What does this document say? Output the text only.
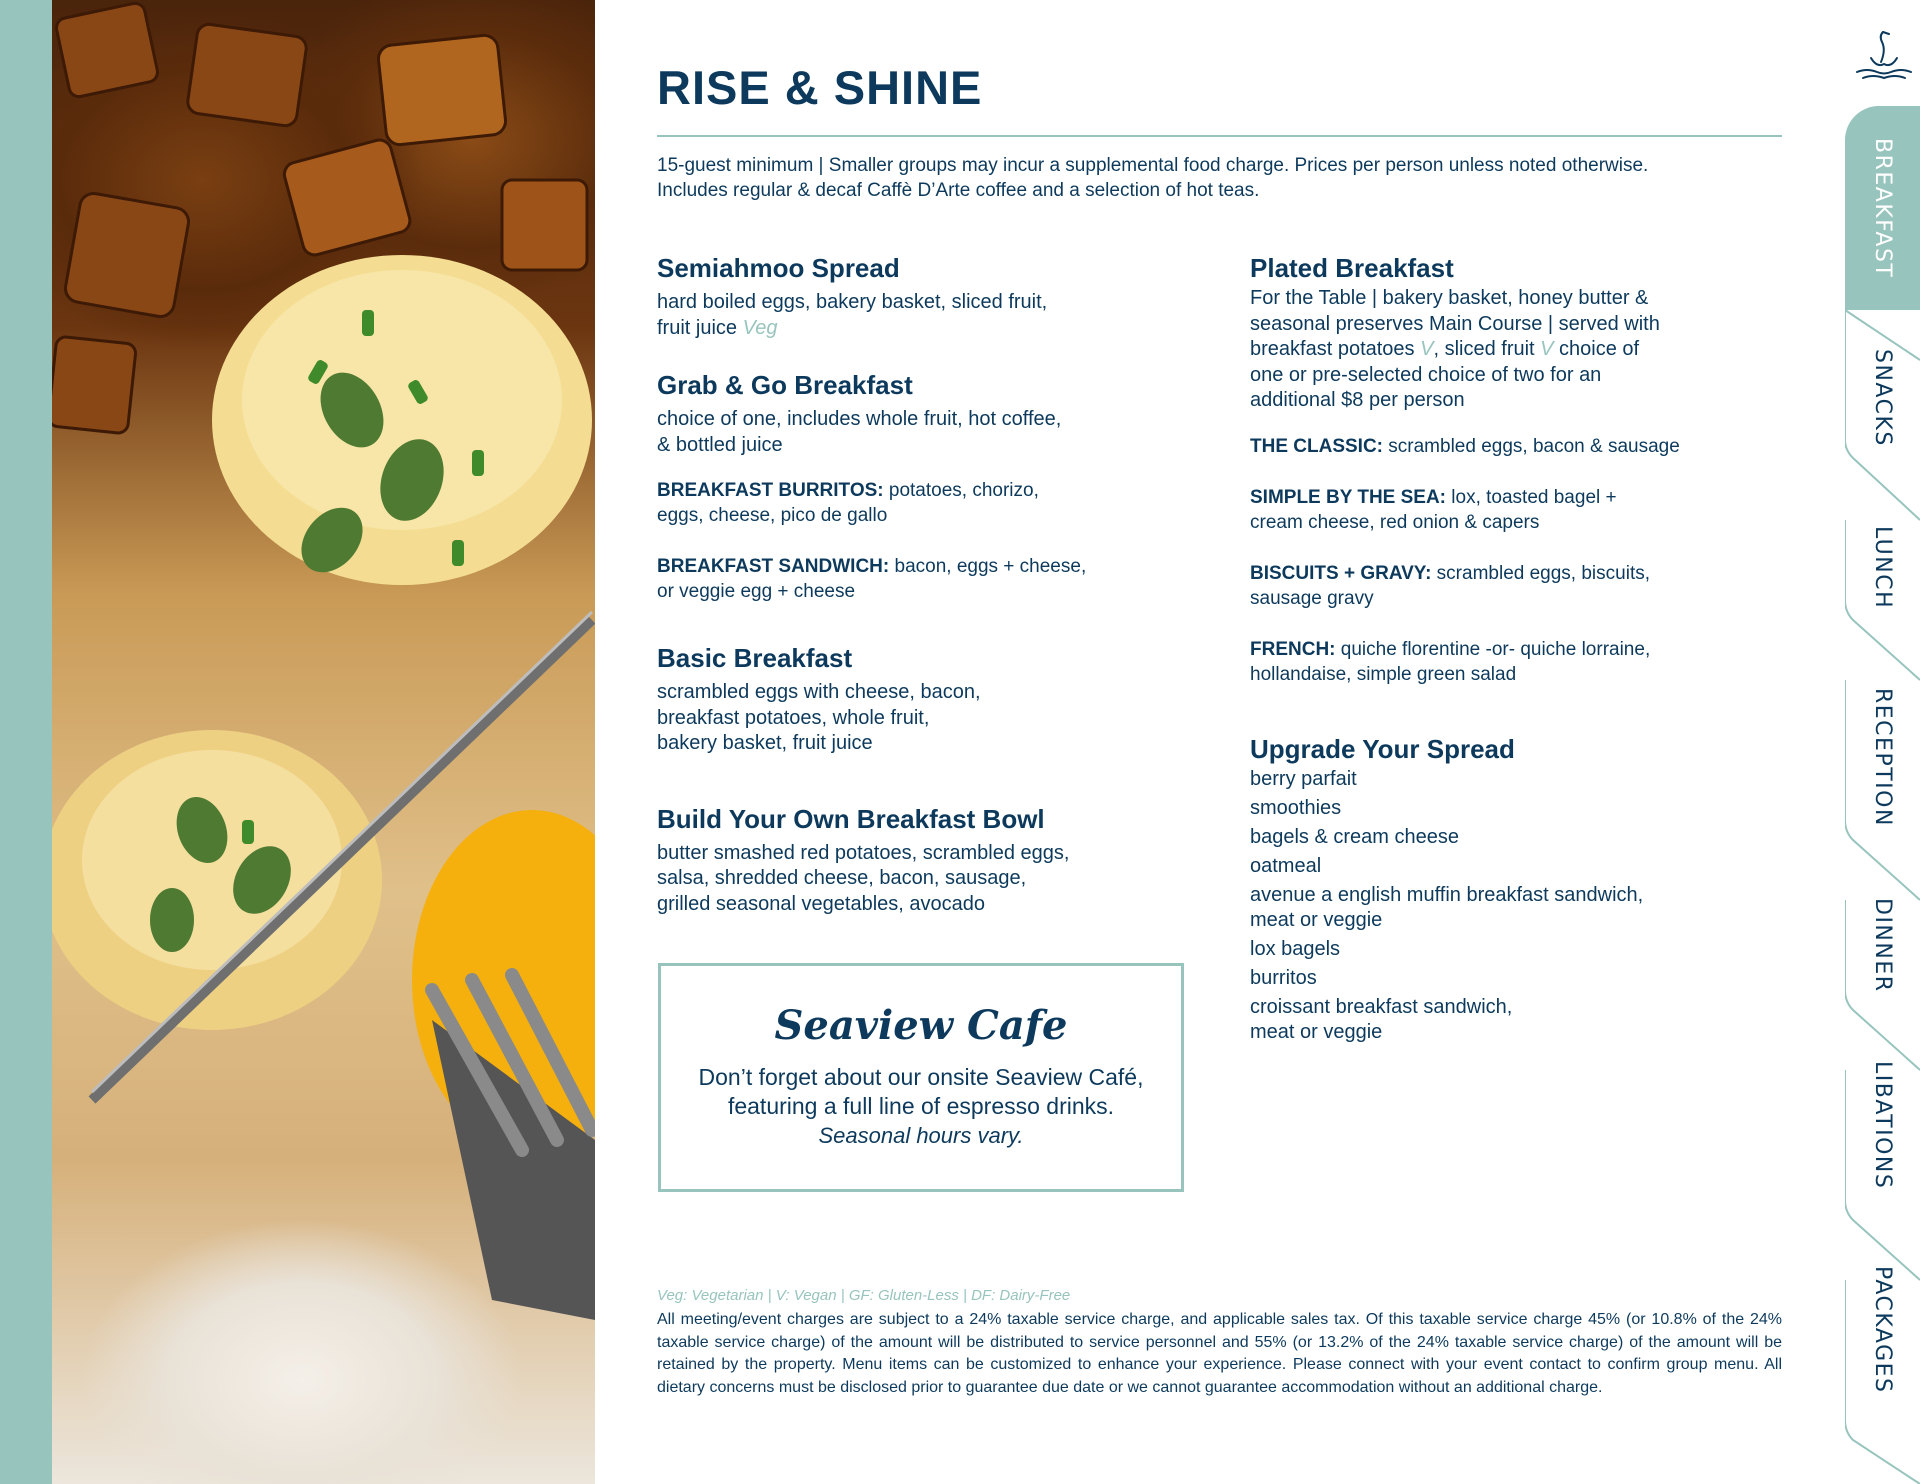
RISE & SHINE
15-guest minimum | Smaller groups may incur a supplemental food charge. Prices per person unless noted otherwise.
Includes regular & decaf Caffè D’Arte coffee and a selection of hot teas.
Semiahmoo Spread

hard boiled eggs, bakery basket, sliced fruit,
fruit juice Veg

Grab & Go Breakfast

choice of one, includes whole fruit, hot coffee,
& bottled juice

BREAKFAST BURRITOS: potatoes, chorizo,
eggs, cheese, pico de gallo

BREAKFAST SANDWICH: bacon, eggs + cheese,
or veggie egg + cheese

Basic Breakfast

scrambled eggs with cheese, bacon,
breakfast potatoes, whole fruit,
bakery basket, fruit juice

Build Your Own Breakfast Bowl

butter smashed red potatoes, scrambled eggs,
salsa, shredded cheese, bacon, sausage,
grilled seasonal vegetables, avocado

Seaview Cafe
Don’t forget about our onsite Seaview Café,
featuring a full line of espresso drinks.
Seasonal hours vary.
Plated Breakfast

For the Table | bakery basket, honey butter &
seasonal preserves Main Course | served with
breakfast potatoes V, sliced fruit V choice of
one or pre-selected choice of two for an
additional $8 per person

THE CLASSIC: scrambled eggs, bacon & sausage

SIMPLE BY THE SEA: lox, toasted bagel +
cream cheese, red onion & capers

BISCUITS + GRAVY: scrambled eggs, biscuits,
sausage gravy

FRENCH: quiche florentine -or- quiche lorraine,
hollandaise, simple green salad

Upgrade Your Spread
berry parfait
smoothies
bagels & cream cheese
oatmeal
avenue a english muffin breakfast sandwich,
meat or veggie
lox bagels
burritos
croissant breakfast sandwich,
meat or veggie
Veg: Vegetarian | V: Vegan | GF: Gluten-Less | DF: Dairy-Free
All meeting/event charges are subject to a 24% taxable service charge, and applicable sales tax. Of this taxable service charge 45% (or 10.8% of the 24% taxable service charge) of the amount will be distributed to service personnel and 55% (or 13.2% of the 24% taxable service charge) of the amount will be retained by the property. Menu items can be customized to enhance your experience. Please connect with your event contact to confirm group menu. All dietary concerns must be disclosed prior to guarantee due date or we cannot guarantee accommodation without an additional charge.
BREAKFAST
SNACKS
LUNCH
RECEPTION
DINNER
LIBATIONS
PACKAGES
